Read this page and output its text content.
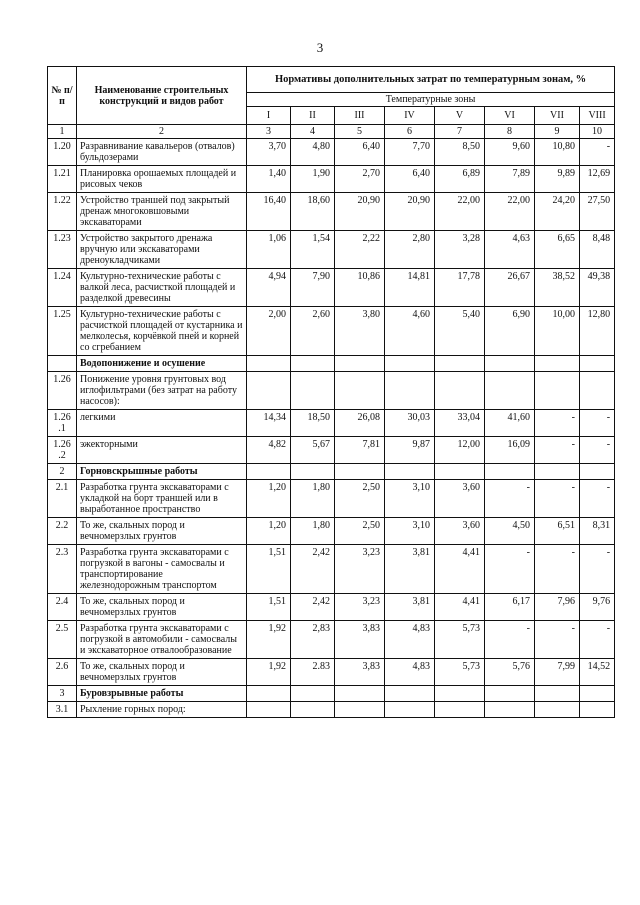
3
№ п/п	Наименование строительных конструкций и видов работ	Нормативы дополнительных затрат по температурным зонам, %							
		Температурные зоны							
		I	II	III	IV	V	VI	VII	VIII
1	2	3	4	5	6	7	8	9	10
1.20	Разравнивание кавальеров (отвалов) бульдозерами	3,70	4,80	6,40	7,70	8,50	9,60	10,80	-
1.21	Планировка орошаемых площадей и рисовых чеков	1,40	1,90	2,70	6,40	6,89	7,89	9,89	12,69
1.22	Устройство траншей под закрытый дренаж многоковшовыми экскаваторами	16,40	18,60	20,90	20,90	22,00	22,00	24,20	27,50
1.23	Устройство закрытого дренажа вручную или экскаваторами дреноукладчиками	1,06	1,54	2,22	2,80	3,28	4,63	6,65	8,48
1.24	Культурно-технические работы с валкой леса, расчисткой площадей и разделкой древесины	4,94	7,90	10,86	14,81	17,78	26,67	38,52	49,38
1.25	Культурно-технические работы с расчисткой площадей от кустарника и мелколесья, корчёвкой пней и корней со сгребанием	2,00	2,60	3,80	4,60	5,40	6,90	10,00	12,80
	Водопонижение и осушение								
1.26	Понижение уровня грунтовых вод иглофильтрами (без затрат на работу насосов):								
1.26 .1	легкими	14,34	18,50	26,08	30,03	33,04	41,60	-	-
1.26 .2	эжекторными	4,82	5,67	7,81	9,87	12,00	16,09	-	-
2	Горновскрышные работы								
2.1	Разработка грунта экскаваторами с укладкой на борт траншей или в выработанное пространство	1,20	1,80	2,50	3,10	3,60	-	-	-
2.2	То же, скальных пород и вечномерзлых грунтов	1,20	1,80	2,50	3,10	3,60	4,50	6,51	8,31
2.3	Разработка грунта экскаваторами с погрузкой в вагоны - самосвалы и транспортирование железнодорожным транспортом	1,51	2,42	3,23	3,81	4,41	-	-	-
2.4	То же, скальных пород и вечномерзлых грунтов	1,51	2,42	3,23	3,81	4,41	6,17	7,96	9,76
2.5	Разработка грунта экскаваторами с погрузкой в автомобили - самосвалы и экскаваторное отвалообразование	1,92	2,83	3,83	4,83	5,73	-	-	-
2.6	То же, скальных пород и вечномерзлых грунтов	1,92	2.83	3,83	4,83	5,73	5,76	7,99	14,52
3	Буровзрывные работы								
3.1	Рыхление горных пород:								
